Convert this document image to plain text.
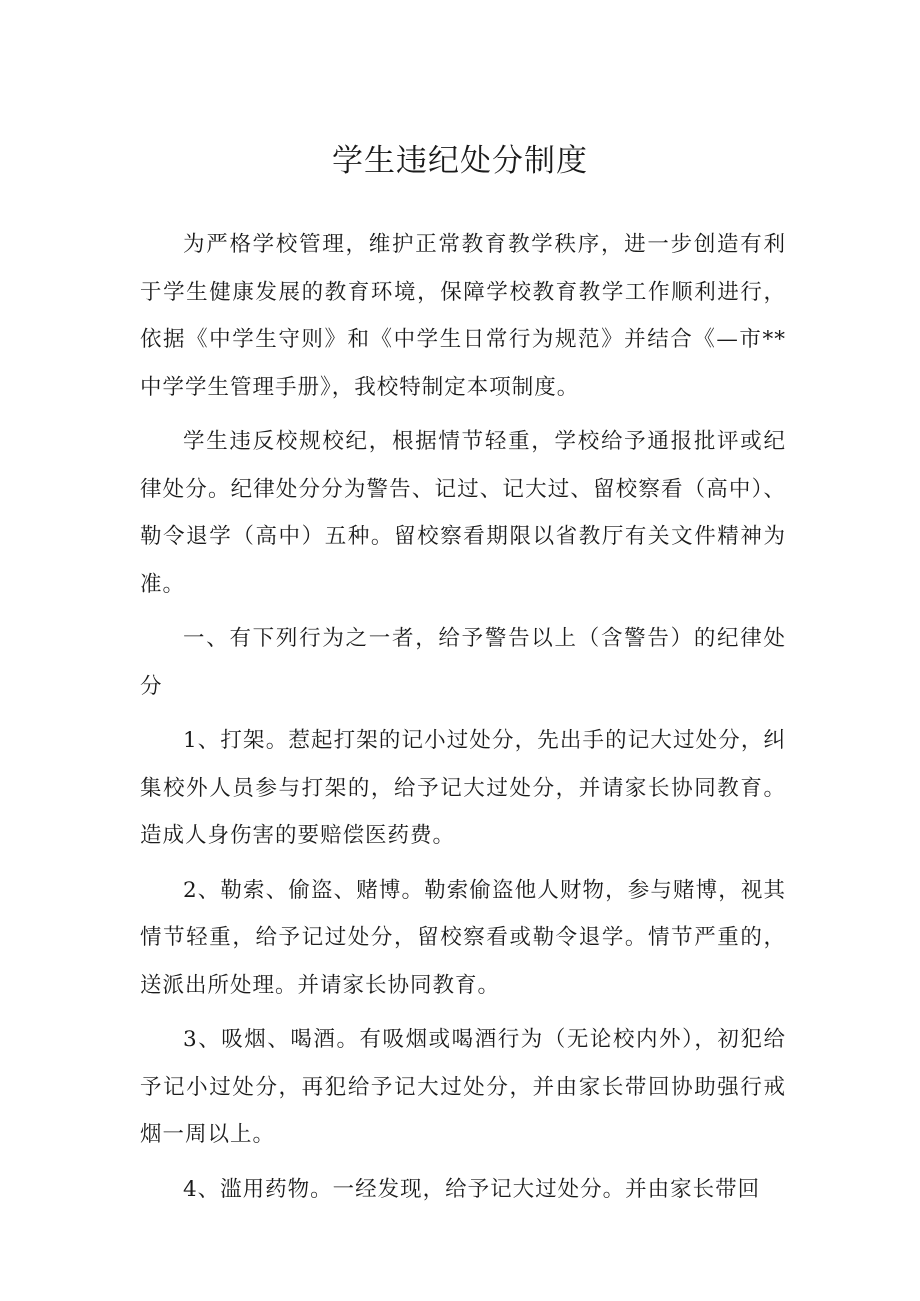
学生违纪处分制度

为严格学校管理，维护正常教育教学秩序，进一步创造有利于学生健康发展的教育环境，保障学校教育教学工作顺利进行，依据《中学生守则》和《中学生日常行为规范》并结合《—市**中学学生管理手册》，我校特制定本项制度。

学生违反校规校纪，根据情节轻重，学校给予通报批评或纪律处分。纪律处分分为警告、记过、记大过、留校察看（高中）、勒令退学（高中）五种。留校察看期限以省教厅有关文件精神为准。

一、有下列行为之一者，给予警告以上（含警告）的纪律处分

1、打架。惹起打架的记小过处分，先出手的记大过处分，纠集校外人员参与打架的，给予记大过处分，并请家长协同教育。造成人身伤害的要赔偿医药费。

2、勒索、偷盗、赌博。勒索偷盗他人财物，参与赌博，视其情节轻重，给予记过处分，留校察看或勒令退学。情节严重的，送派出所处理。并请家长协同教育。

3、吸烟、喝酒。有吸烟或喝酒行为（无论校内外），初犯给予记小过处分，再犯给予记大过处分，并由家长带回协助强行戒烟一周以上。

4、滥用药物。一经发现，给予记大过处分。并由家长带回
